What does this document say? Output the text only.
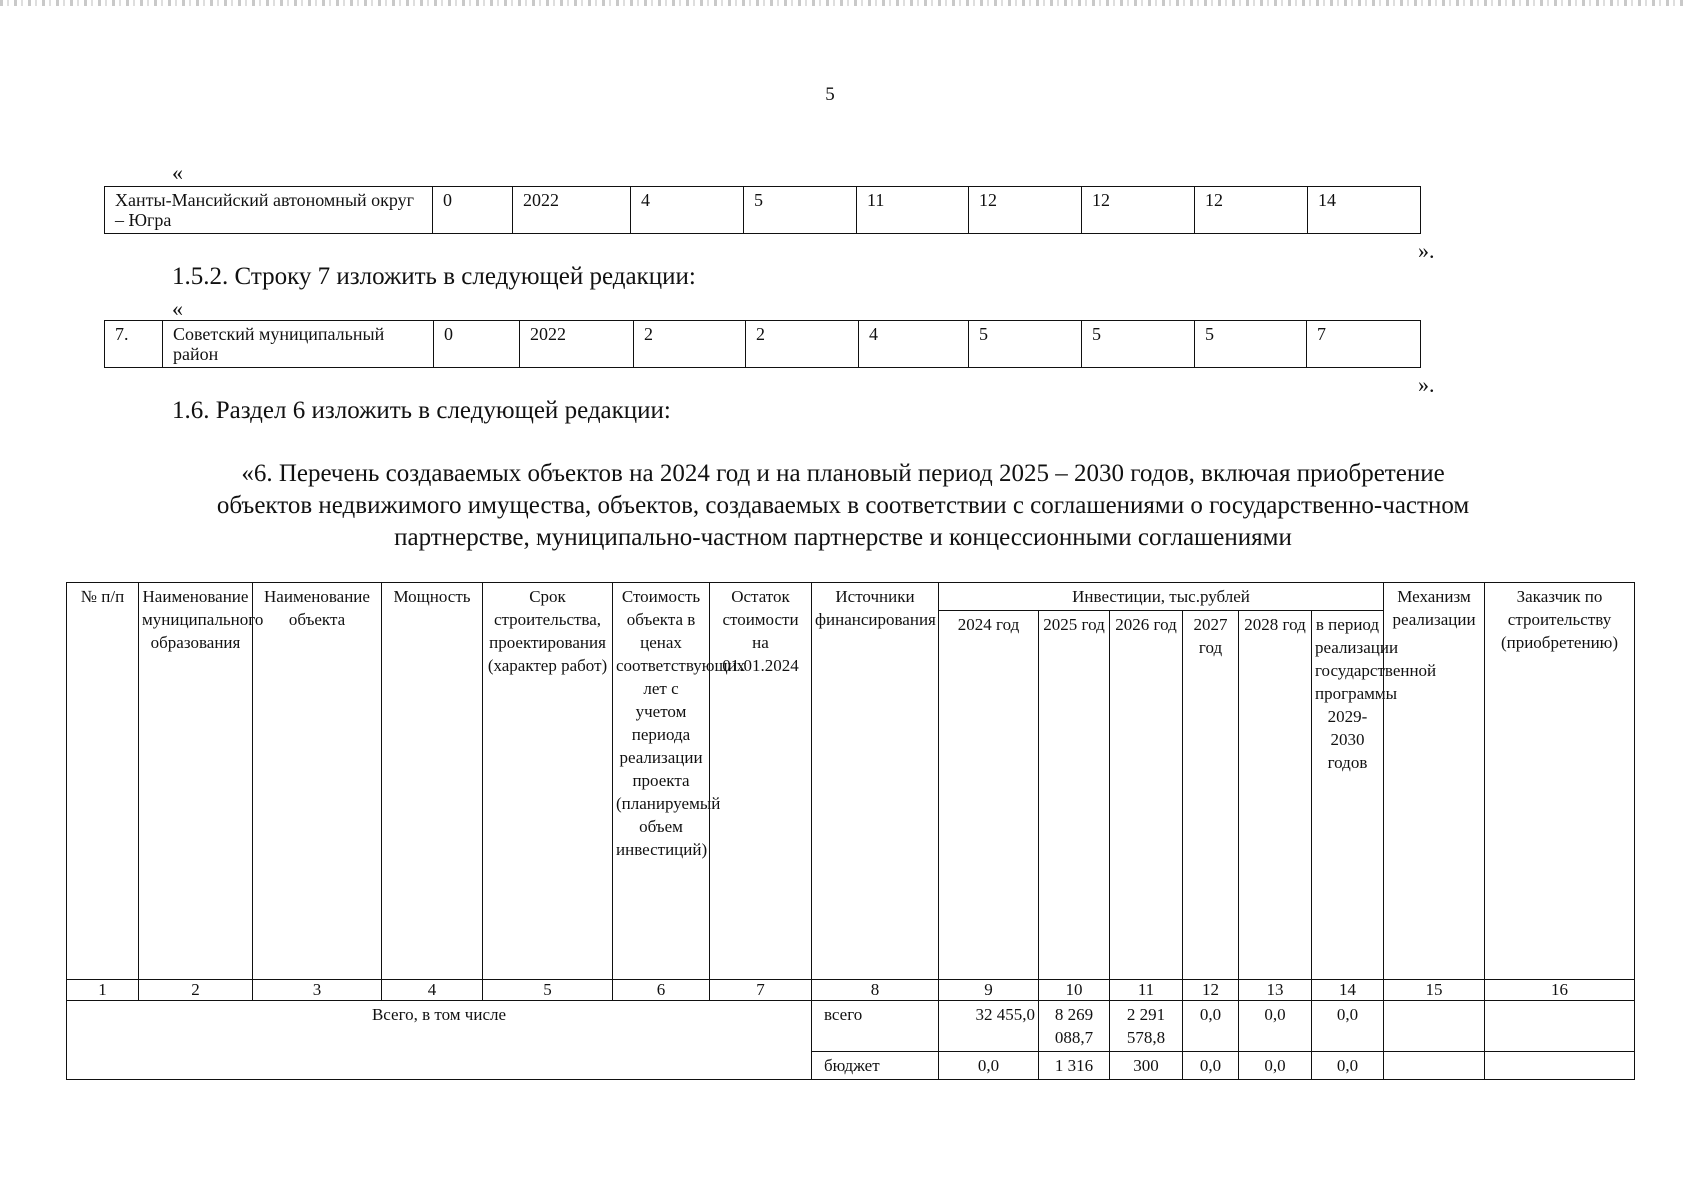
5
«
Ханты-Мансийский автономный округ – Югра	0	2022	4	5	11	12	12	12	14
».
1.5.2. Строку 7 изложить в следующей редакции:
«
7.	Советский муниципальный район	0	2022	2	2	4	5	5	5	7
».
1.6. Раздел 6 изложить в следующей редакции:
«6. Перечень создаваемых объектов на 2024 год и на плановый период 2025 – 2030 годов, включая приобретение
объектов недвижимого имущества, объектов, создаваемых в соответствии с соглашениями о государственно-частном
партнерстве, муниципально-частном партнерстве и концессионными соглашениями
№ п/п	Наименование муниципального образования	Наименование объекта	Мощность	Срок строительства, проектирования (характер работ)	Стоимость объекта в ценах соответствующих лет с учетом периода реализации проекта (планируемый объем инвестиций)	Остаток стоимости на 01.01.2024	Источники финансирования	Инвестиции, тыс.рублей						Механизм реализации	Заказчик по строительству (приобретению)
								2024 год	2025 год	2026 год	2027 год	2028 год	в период реализации государственной программы 2029-2030 годов		
1	2	3	4	5	6	7	8	9	10	11	12	13	14	15	16
Всего, в том числе							всего	32 455,0	8 269 088,7	2 291 578,8	0,0	0,0	0,0		
							бюджет	0,0	1 316	300	0,0	0,0	0,0		
